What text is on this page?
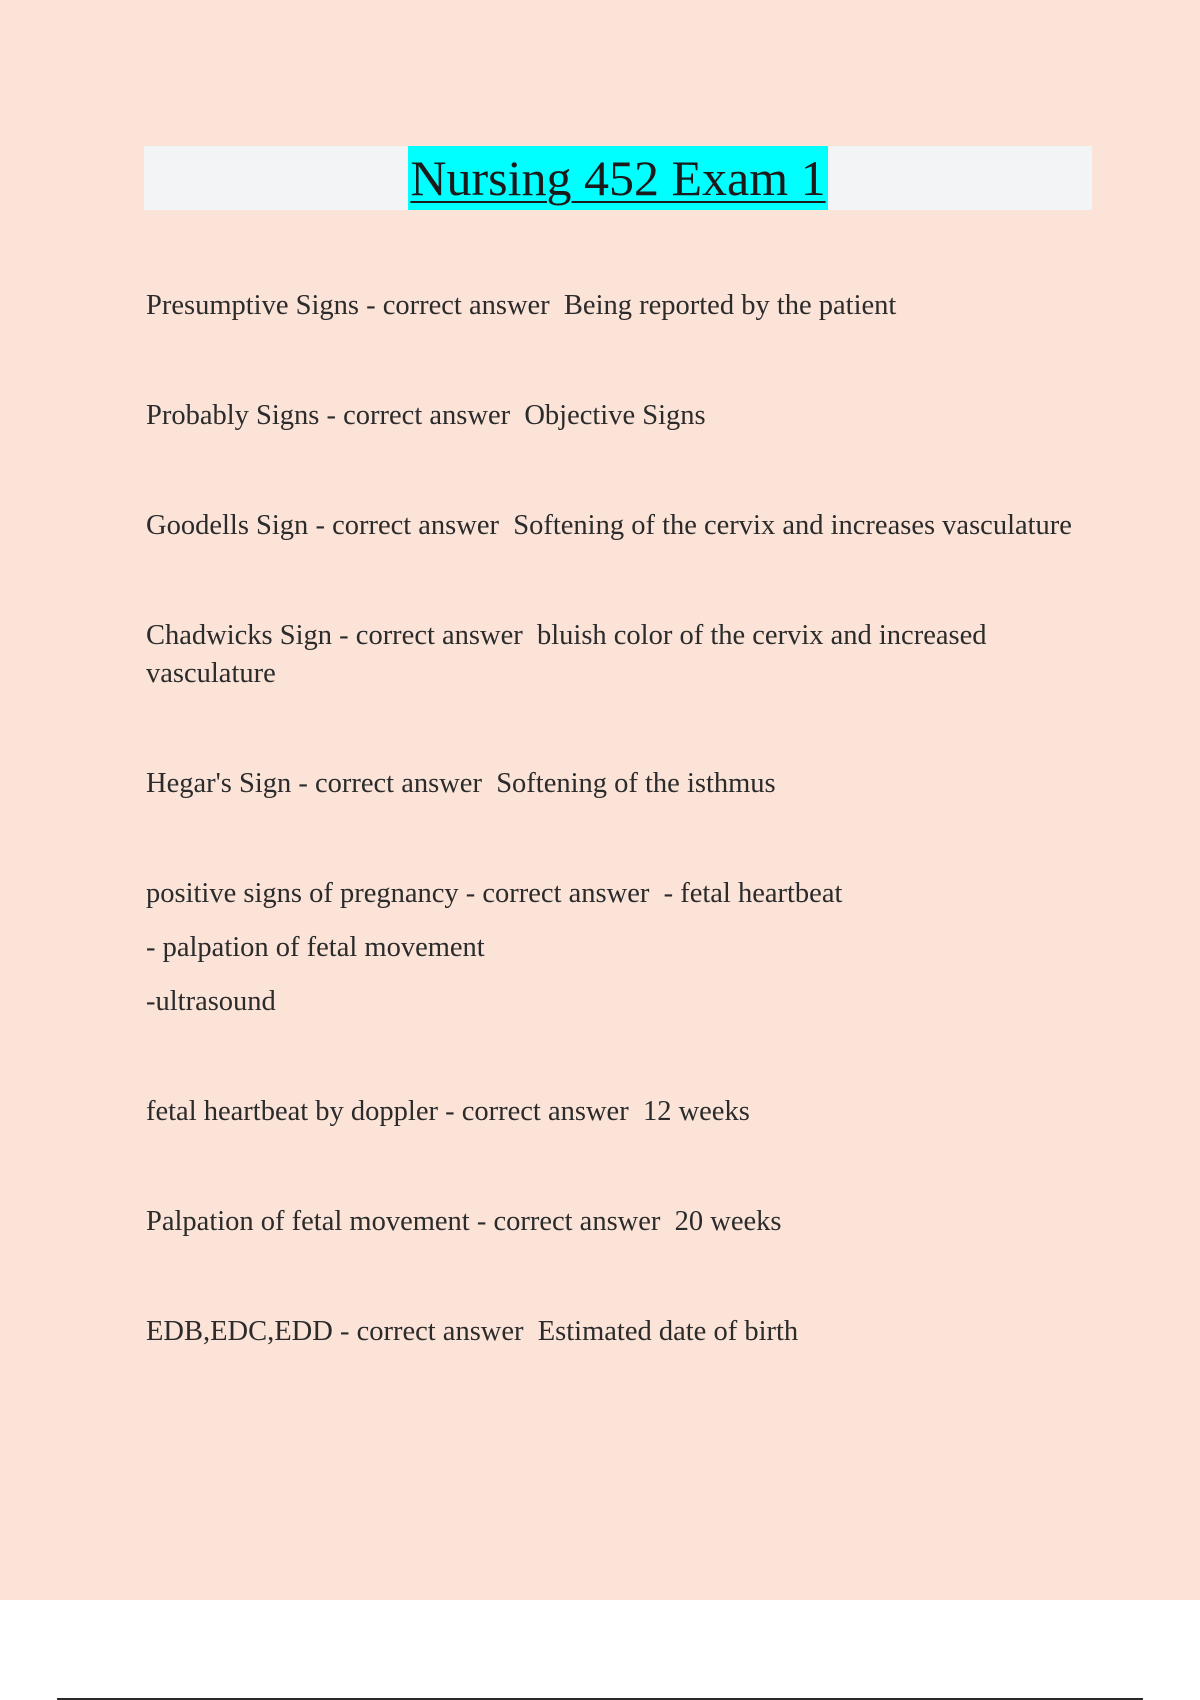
Nursing 452 Exam 1

Presumptive Signs - correct answer Being reported by the patient

Probably Signs - correct answer Objective Signs

Goodells Sign - correct answer Softening of the cervix and increases vasculature

Chadwicks Sign - correct answer bluish color of the cervix and increased vasculature

Hegar's Sign - correct answer Softening of the isthmus

positive signs of pregnancy - correct answer - fetal heartbeat
- palpation of fetal movement
-ultrasound

fetal heartbeat by doppler - correct answer 12 weeks

Palpation of fetal movement - correct answer 20 weeks

EDB,EDC,EDD - correct answer Estimated date of birth
